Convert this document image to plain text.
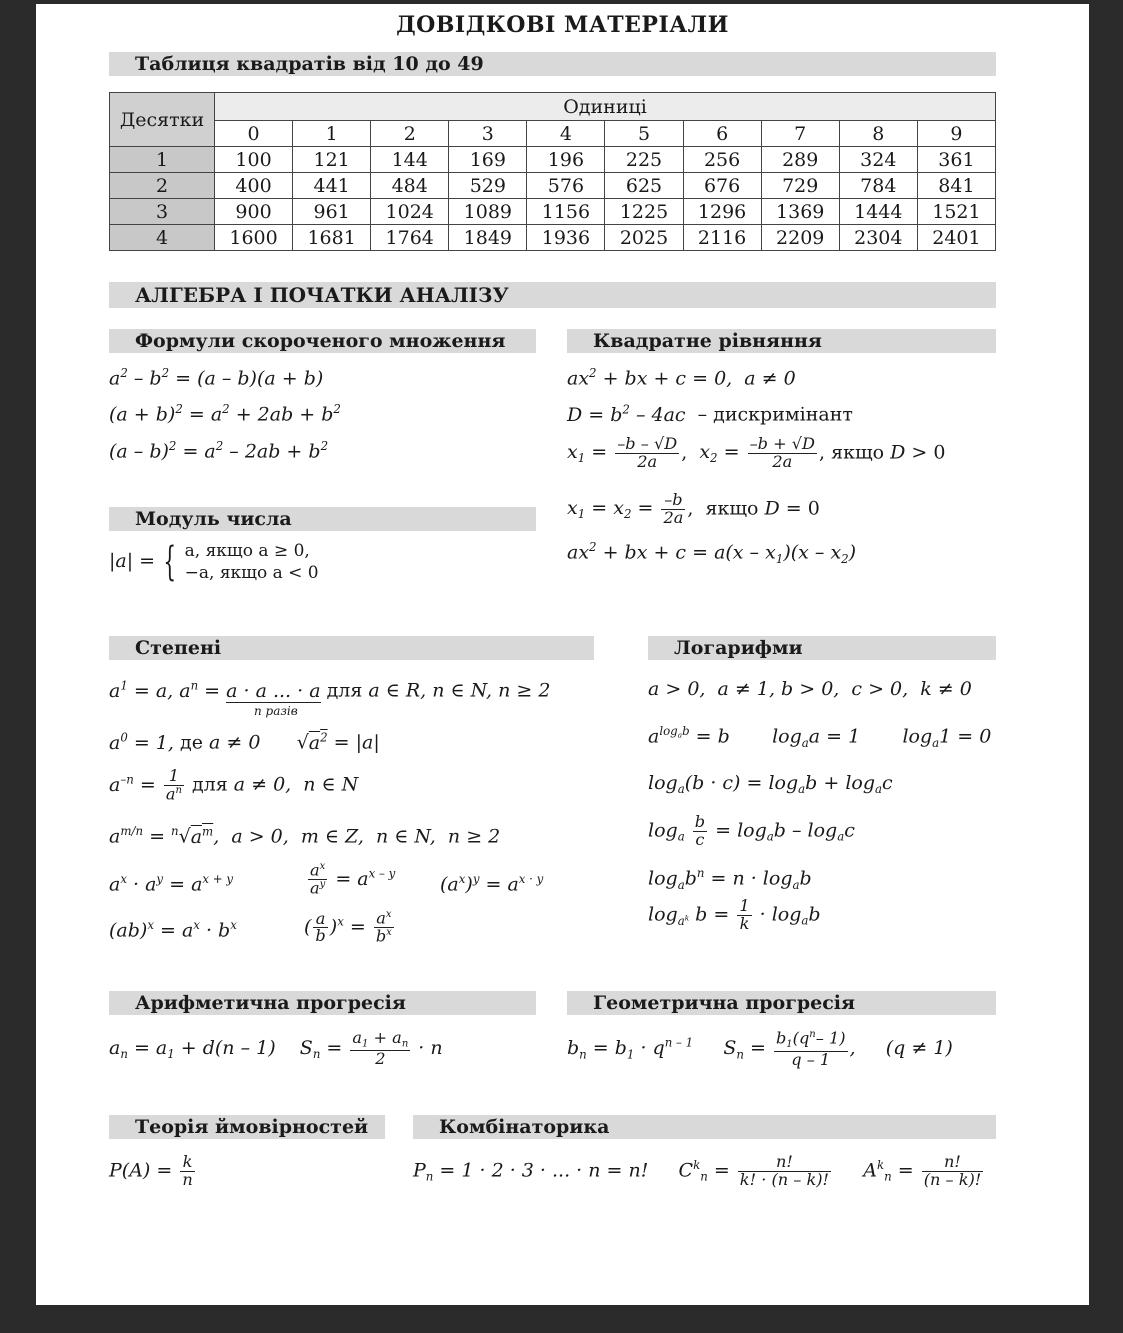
ДОВІДКОВІ МАТЕРІАЛИ
Таблиця квадратів від 10 до 49
Десятки	Одиниці									
	0	1	2	3	4	5	6	7	8	9
1	100	121	144	169	196	225	256	289	324	361
2	400	441	484	529	576	625	676	729	784	841
3	900	961	1024	1089	1156	1225	1296	1369	1444	1521
4	1600	1681	1764	1849	1936	2025	2116	2209	2304	2401
АЛГЕБРА І ПОЧАТКИ АНАЛІЗУ
Формули скороченого множення
$a^2 - b^2 = (a - b)(a + b)$
$(a + b)^2 = a^2 + 2ab + b^2$
$(a - b)^2 = a^2 - 2ab + b^2$
Квадратне рівняння
$ax^2$ + bx + c = 0,  a ≠ 0
$D = b^2 - 4ac$ – дискримінант
$x_1 = \frac{-b - √D}{2a}$ ,  $x_2 = \frac{-b + √D}{2a}$ , якщо D > 0
$x_1 = x_2 = \frac{-b}{2a}$ ,  якщо D = 0
$ax^2$ + bx + $c = a(x - x_1)(x - x_2)$
Модуль числа
|a| = { a, якщо a ≥ 0,
−a, якщо a < 0
Степені
$a^1 = a$, $a^n = a \cdot a$ ... · a для a ∈ R, n ∈ N, n ≥ 2
n разів
$a^0 = 1$, де a ≠ 0 $√a^2 = |a|$
$a^{-n} = \frac{1}{a^n}$ для a ≠ 0,  n ∈ N
$a^{m/n} = ^n√a^m$,  a > 0,  m ∈ Z,  n ∈ N,  n ≥ 2
$a^x \cdot a^y = a^{x + y}$	$\frac{a^x}{a^y} = a^{x - y}$
$(a^x)^y = a^{x \cdot y}$
$(ab)^x = a^x \cdot b^x$	( $\frac{a}{b} )^x = \frac{a^x}{b^x}$
Логарифми
a > 0,  a ≠ 1, b > 0,  c > 0,  k ≠ 0
$a^{log_ab} = b$       $\log_aa = 1$       $\log_a1 = 0$
$\log_a(b \cdot c) = \log_ab + \log_ac$
$\log_a \frac{b}{c} = \log_ab - \log_ac$
$\log_ab^n = n \cdot \log_ab$
$\log_{a^k} b = \frac{1}{k} \cdot \log_ab$
Арифметична прогресія
$a_n = a_1 + d(n - 1)$    $S_n = \frac{a_1 + a_n}{2} \cdot n$
Геометрична прогресія
$b_n = b_1 \cdot q^{n - 1}$     $S_n = \frac{b_1(q^n- 1)}{q - 1}$ ,     (q ≠ 1)
Теорія ймовірностей
$P(A) = \frac{k}{n}$
Комбінаторика
$P_n = 1 \cdot 2 \cdot 3$ · ... · n = n!     $C^k_n = \frac{n!}{k! \cdot (n - k)!} A^k_n = \frac{n!}{(n - k)!}$
